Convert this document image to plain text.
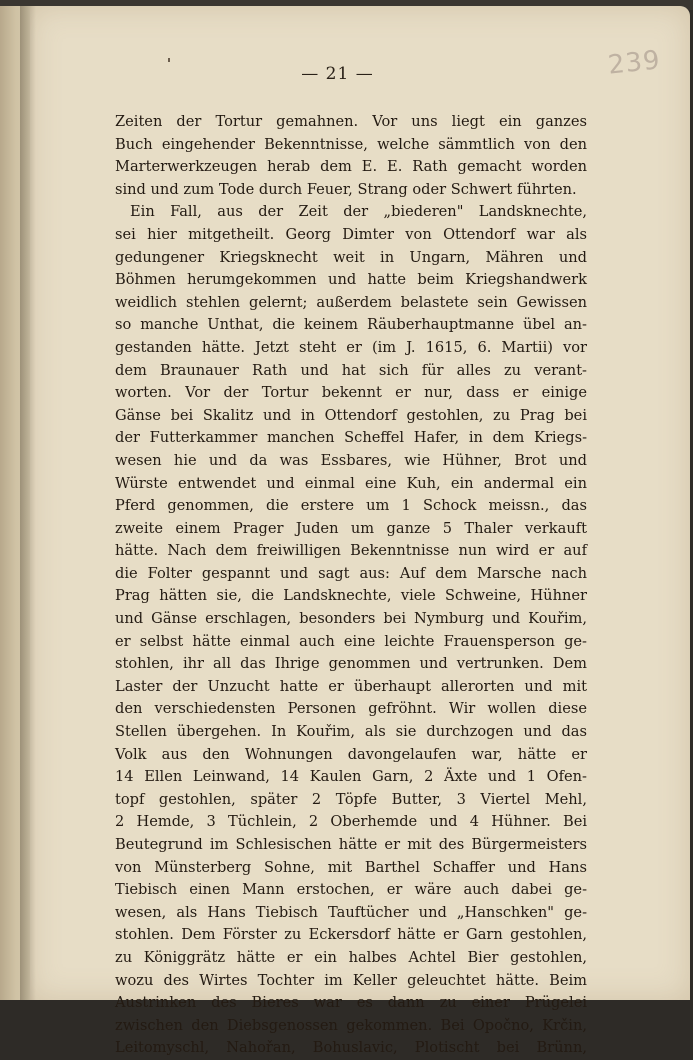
— 21 —	239
Zeiten der Tortur gemahnen. Vor uns liegt ein ganzes
Buch eingehender Bekenntnisse, welche sämmtlich von den
Marterwerkzeugen herab dem E. E. Rath gemacht worden
sind und zum Tode durch Feuer, Strang oder Schwert führten.
Ein Fall, aus der Zeit der „biederen" Landsknechte,
sei hier mitgetheilt. Georg Dimter von Ottendorf war als
gedungener Kriegsknecht weit in Ungarn, Mähren und
Böhmen herumgekommen und hatte beim Kriegshandwerk
weidlich stehlen gelernt; außerdem belastete sein Gewissen
so manche Unthat, die keinem Räuberhauptmanne übel an-
gestanden hätte. Jetzt steht er (im J. 1615, 6. Martii) vor
dem Braunauer Rath und hat sich für alles zu verant-
worten. Vor der Tortur bekennt er nur, dass er einige
Gänse bei Skalitz und in Ottendorf gestohlen, zu Prag bei
der Futterkammer manchen Scheffel Hafer, in dem Kriegs-
wesen hie und da was Essbares, wie Hühner, Brot und
Würste entwendet und einmal eine Kuh, ein andermal ein
Pferd genommen, die erstere um 1 Schock meissn., das
zweite einem Prager Juden um ganze 5 Thaler verkauft
hätte. Nach dem freiwilligen Bekenntnisse nun wird er auf
die Folter gespannt und sagt aus: Auf dem Marsche nach
Prag hätten sie, die Landsknechte, viele Schweine, Hühner
und Gänse erschlagen, besonders bei Nymburg und Kouřim,
er selbst hätte einmal auch eine leichte Frauensperson ge-
stohlen, ihr all das Ihrige genommen und vertrunken. Dem
Laster der Unzucht hatte er überhaupt allerorten und mit
den verschiedensten Personen gefröhnt. Wir wollen diese
Stellen übergehen. In Kouřim, als sie durchzogen und das
Volk aus den Wohnungen davongelaufen war, hätte er
14 Ellen Leinwand, 14 Kaulen Garn, 2 Äxte und 1 Ofen-
topf gestohlen, später 2 Töpfe Butter, 3 Viertel Mehl,
2 Hemde, 3 Tüchlein, 2 Oberhemde und 4 Hühner. Bei
Beutegrund im Schlesischen hätte er mit des Bürgermeisters
von Münsterberg Sohne, mit Barthel Schaffer und Hans
Tiebisch einen Mann erstochen, er wäre auch dabei ge-
wesen, als Hans Tiebisch Tauftücher und „Hanschken" ge-
stohlen. Dem Förster zu Eckersdorf hätte er Garn gestohlen,
zu Königgrätz hätte er ein halbes Achtel Bier gestohlen,
wozu des Wirtes Tochter im Keller geleuchtet hätte. Beim
Austrinken des Bieres war es dann zu einer Prügelei
zwischen den Diebsgenossen gekommen. Bei Opočno, Krčin,
Leitomyschl, Nahořan, Bohuslavic, Plotischt bei Brünn,
